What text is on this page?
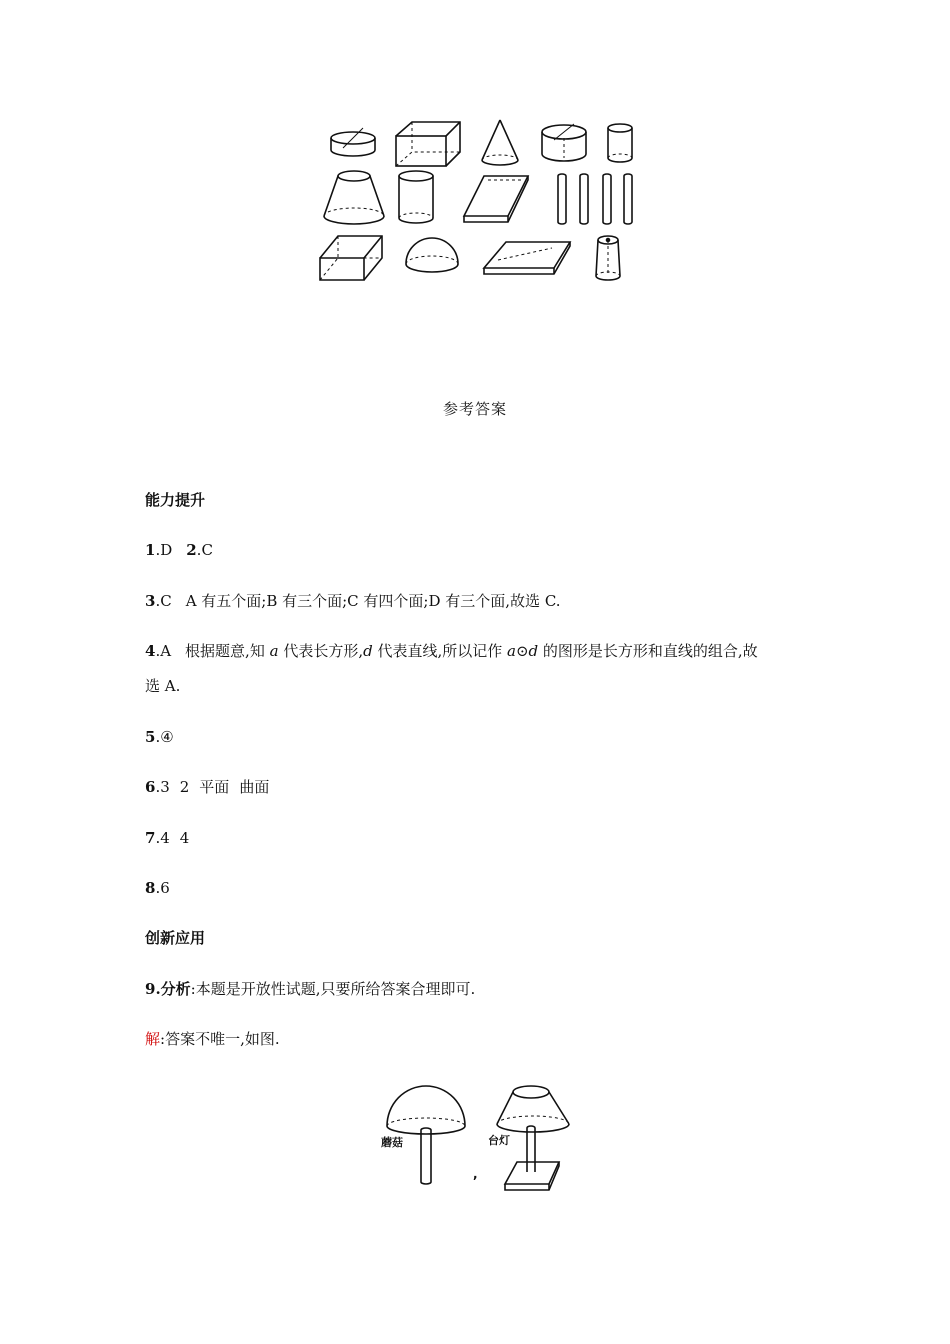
参考答案
能力提升
1.D 2.C
3.C A 有五个面;B 有三个面;C 有四个面;D 有三个面,故选 C.
4.A 根据题意,知 a 代表长方形,d 代表直线,所以记作 a⊙d 的图形是长方形和直线的组合,故
选 A.
5.④
6.3 2 平面 曲面
7.4 4
8.6
创新应用
9.分析:本题是开放性试题,只要所给答案合理即可.
解:答案不唯一,如图.
蘑菇
,
台灯
